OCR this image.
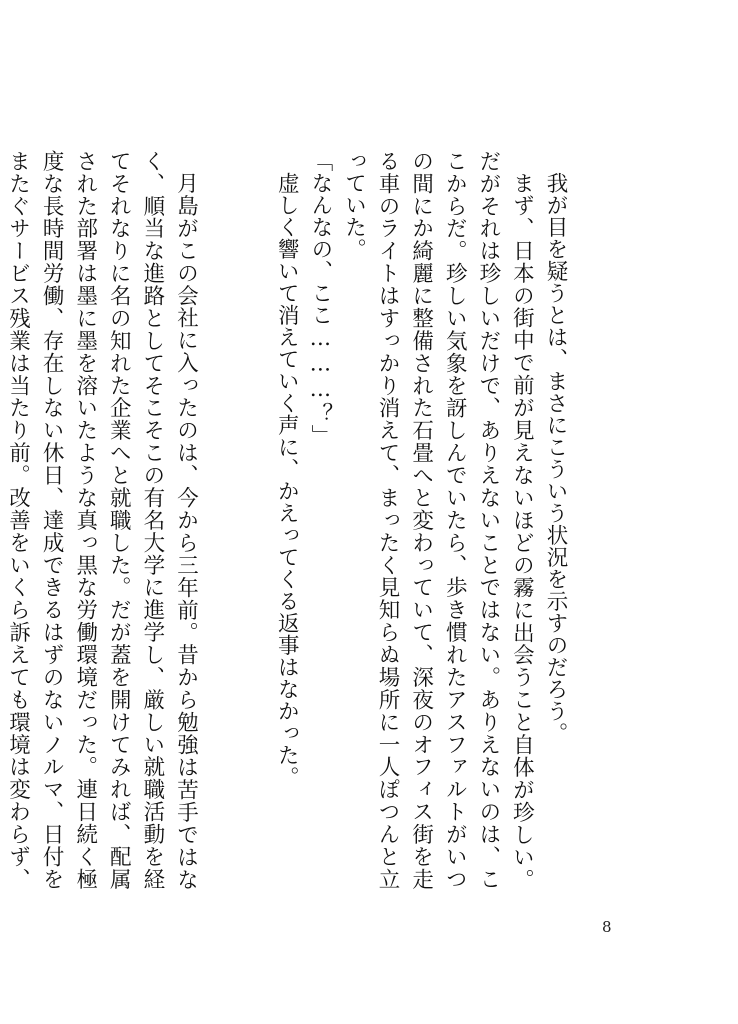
我が目を疑うとは、まさにこういう状況を示すのだろう。

まず、日本の街中で前が見えないほどの霧に出会うこと自体が珍しい。だがそれは珍しいだけで、ありえないことではない。ありえないのは、ここからだ。珍しい気象を訝しんでいたら、歩き慣れたアスファルトがいつの間にか綺麗に整備された石畳へと変わっていて、深夜のオフィス街を走る車のライトはすっかり消えて、まったく見知らぬ場所に一人ぽつんと立っていた。

「なんなの、ここ………？」

虚しく響いて消えていく声に、かえってくる返事はなかった。

月島がこの会社に入ったのは、今から三年前。昔から勉強は苦手ではなく、順当な進路としてそこそこの有名大学に進学し、厳しい就職活動を経てそれなりに名の知れた企業へと就職した。だが蓋を開けてみれば、配属された部署は墨に墨を溶いたような真っ黒な労働環境だった。連日続く極度な長時間労働、存在しない休日、達成できるはずのないノルマ、日付をまたぐサービス残業は当たり前。改善をいくら訴えても環境は変わらず、

8
